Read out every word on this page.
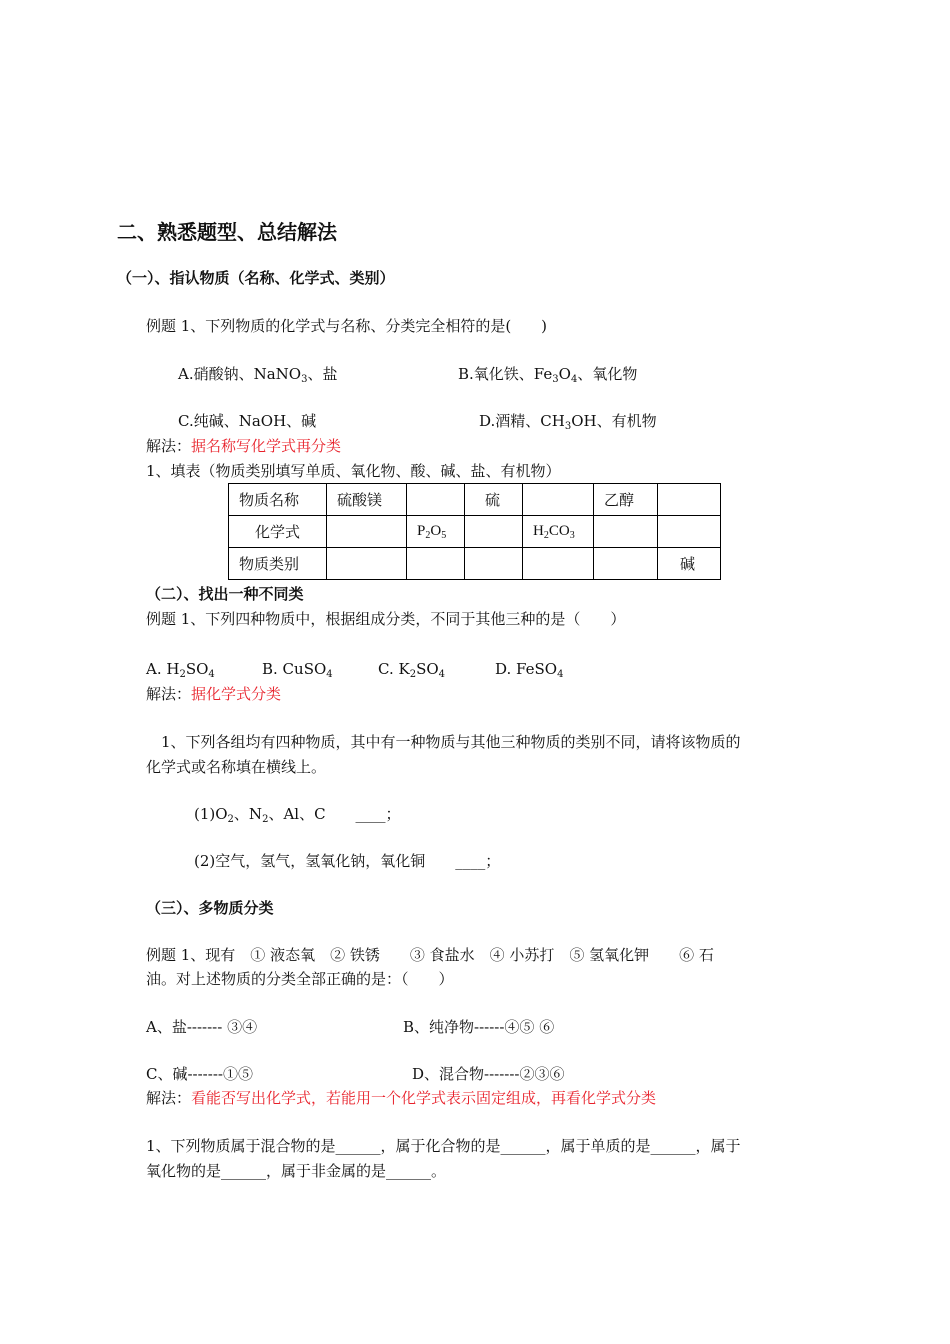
二、熟悉题型、总结解法
（一）、指认物质（名称、化学式、类别）
例题 1、下列物质的化学式与名称、分类完全相符的是(　　)
A.硝酸钠、NaNO$_3$、盐	B.氧化铁、$Fe_3O_4$、氧化物
C.纯碱、NaOH、碱	D.酒精、$CH_3OH$、有机物
解法：据名称写化学式再分类
1、填表（物质类别填写单质、氧化物、酸、碱、盐、有机物）
物质名称	硫酸镁		硫		乙醇	
化学式		$P_2O_5$		$H_2CO_3$		
物质类别						碱
（二）、找出一种不同类
例题 1、下列四种物质中，根据组成分类，不同于其他三种的是（　　）
A. $H_2SO_4$	B. CuSO$_4$	C. $K_2SO_4$	D. FeSO$_4$
解法：据化学式分类
1、下列各组均有四种物质，其中有一种物质与其他三种物质的类别不同，请将该物质的
化学式或名称填在横线上。
$(1)O_2$、$N_2$、Al、C　　____；
(2)空气，氢气，氢氧化钠，氧化铜　　____；
（三）、多物质分类
例题 1、现有　① 液态氧　② 铁锈　　③ 食盐水　④ 小苏打　⑤ 氢氧化钾　　⑥ 石
油。对上述物质的分类全部正确的是：（　　）
A、盐------- ③④	B、纯净物------④⑤ ⑥
C、碱-------①⑤	D、混合物-------②③⑥
解法：看能否写出化学式，若能用一个化学式表示固定组成，再看化学式分类
1、下列物质属于混合物的是______，属于化合物的是______，属于单质的是______，属于
氧化物的是______，属于非金属的是______。
